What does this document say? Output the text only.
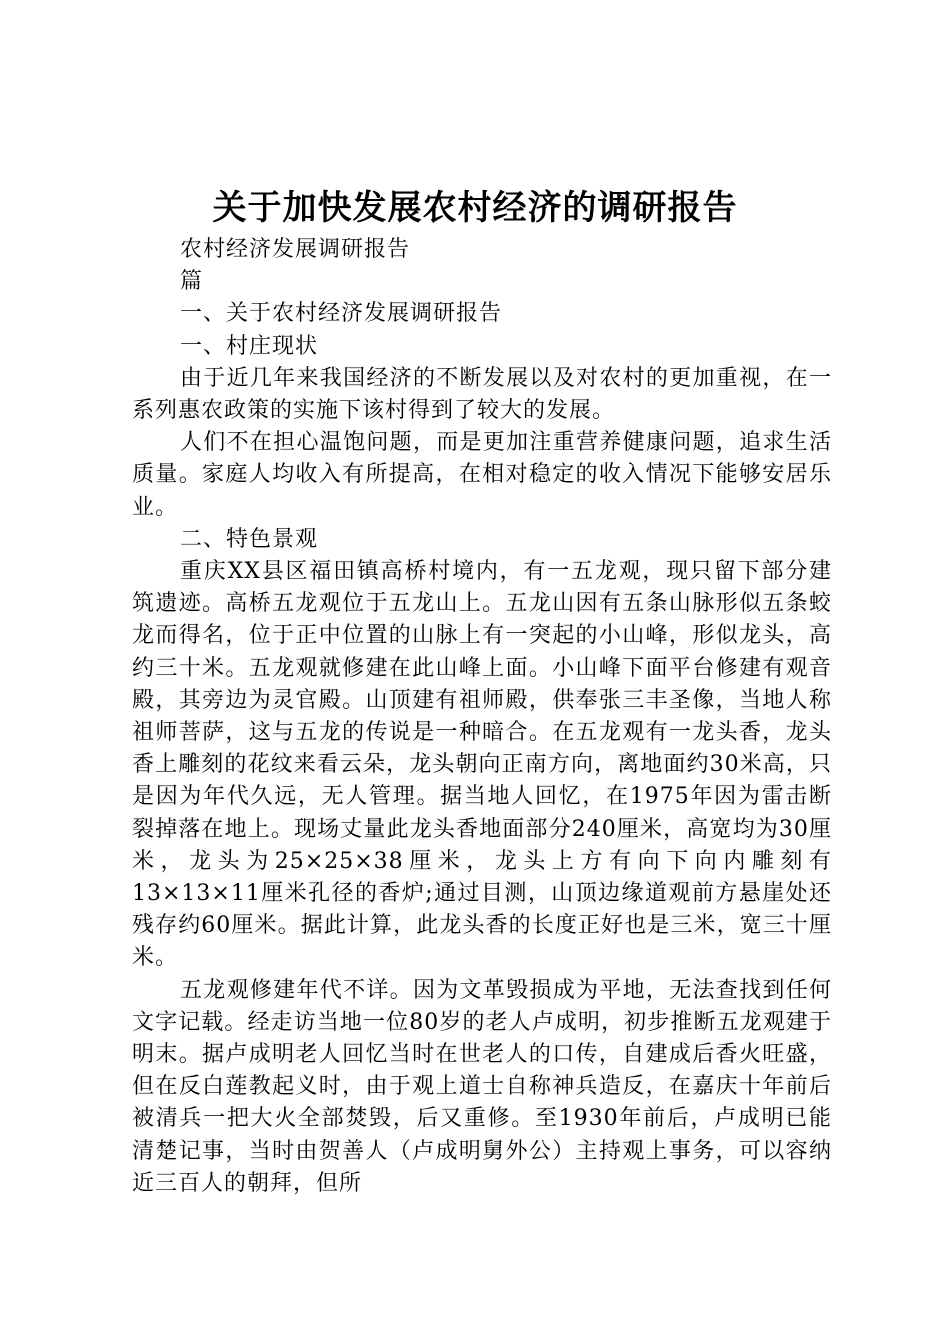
关于加快发展农村经济的调研报告

农村经济发展调研报告

篇

一、关于农村经济发展调研报告

一、村庄现状

由于近几年来我国经济的不断发展以及对农村的更加重视，在一系列惠农政策的实施下该村得到了较大的发展。

人们不在担心温饱问题，而是更加注重营养健康问题，追求生活质量。家庭人均收入有所提高，在相对稳定的收入情况下能够安居乐业。

二、特色景观

重庆XX县区福田镇高桥村境内，有一五龙观，现只留下部分建筑遗迹。高桥五龙观位于五龙山上。五龙山因有五条山脉形似五条蛟龙而得名，位于正中位置的山脉上有一突起的小山峰，形似龙头，高约三十米。五龙观就修建在此山峰上面。小山峰下面平台修建有观音殿，其旁边为灵官殿。山顶建有祖师殿，供奉张三丰圣像，当地人称祖师菩萨，这与五龙的传说是一种暗合。在五龙观有一龙头香，龙头香上雕刻的花纹来看云朵，龙头朝向正南方向，离地面约30米高，只是因为年代久远，无人管理。据当地人回忆，在1975年因为雷击断裂掉落在地上。现场丈量此龙头香地面部分240厘米，高宽均为30厘米，龙头为25×25×38厘米，龙头上方有向下向内雕刻有13×13×11厘米孔径的香炉;通过目测，山顶边缘道观前方悬崖处还残存约60厘米。据此计算，此龙头香的长度正好也是三米，宽三十厘米。

五龙观修建年代不详。因为文革毁损成为平地，无法查找到任何文字记载。经走访当地一位80岁的老人卢成明，初步推断五龙观建于明末。据卢成明老人回忆当时在世老人的口传，自建成后香火旺盛，但在反白莲教起义时，由于观上道士自称神兵造反，在嘉庆十年前后被清兵一把大火全部焚毁，后又重修。至1930年前后，卢成明已能清楚记事，当时由贺善人（卢成明舅外公）主持观上事务，可以容纳近三百人的朝拜，但所
